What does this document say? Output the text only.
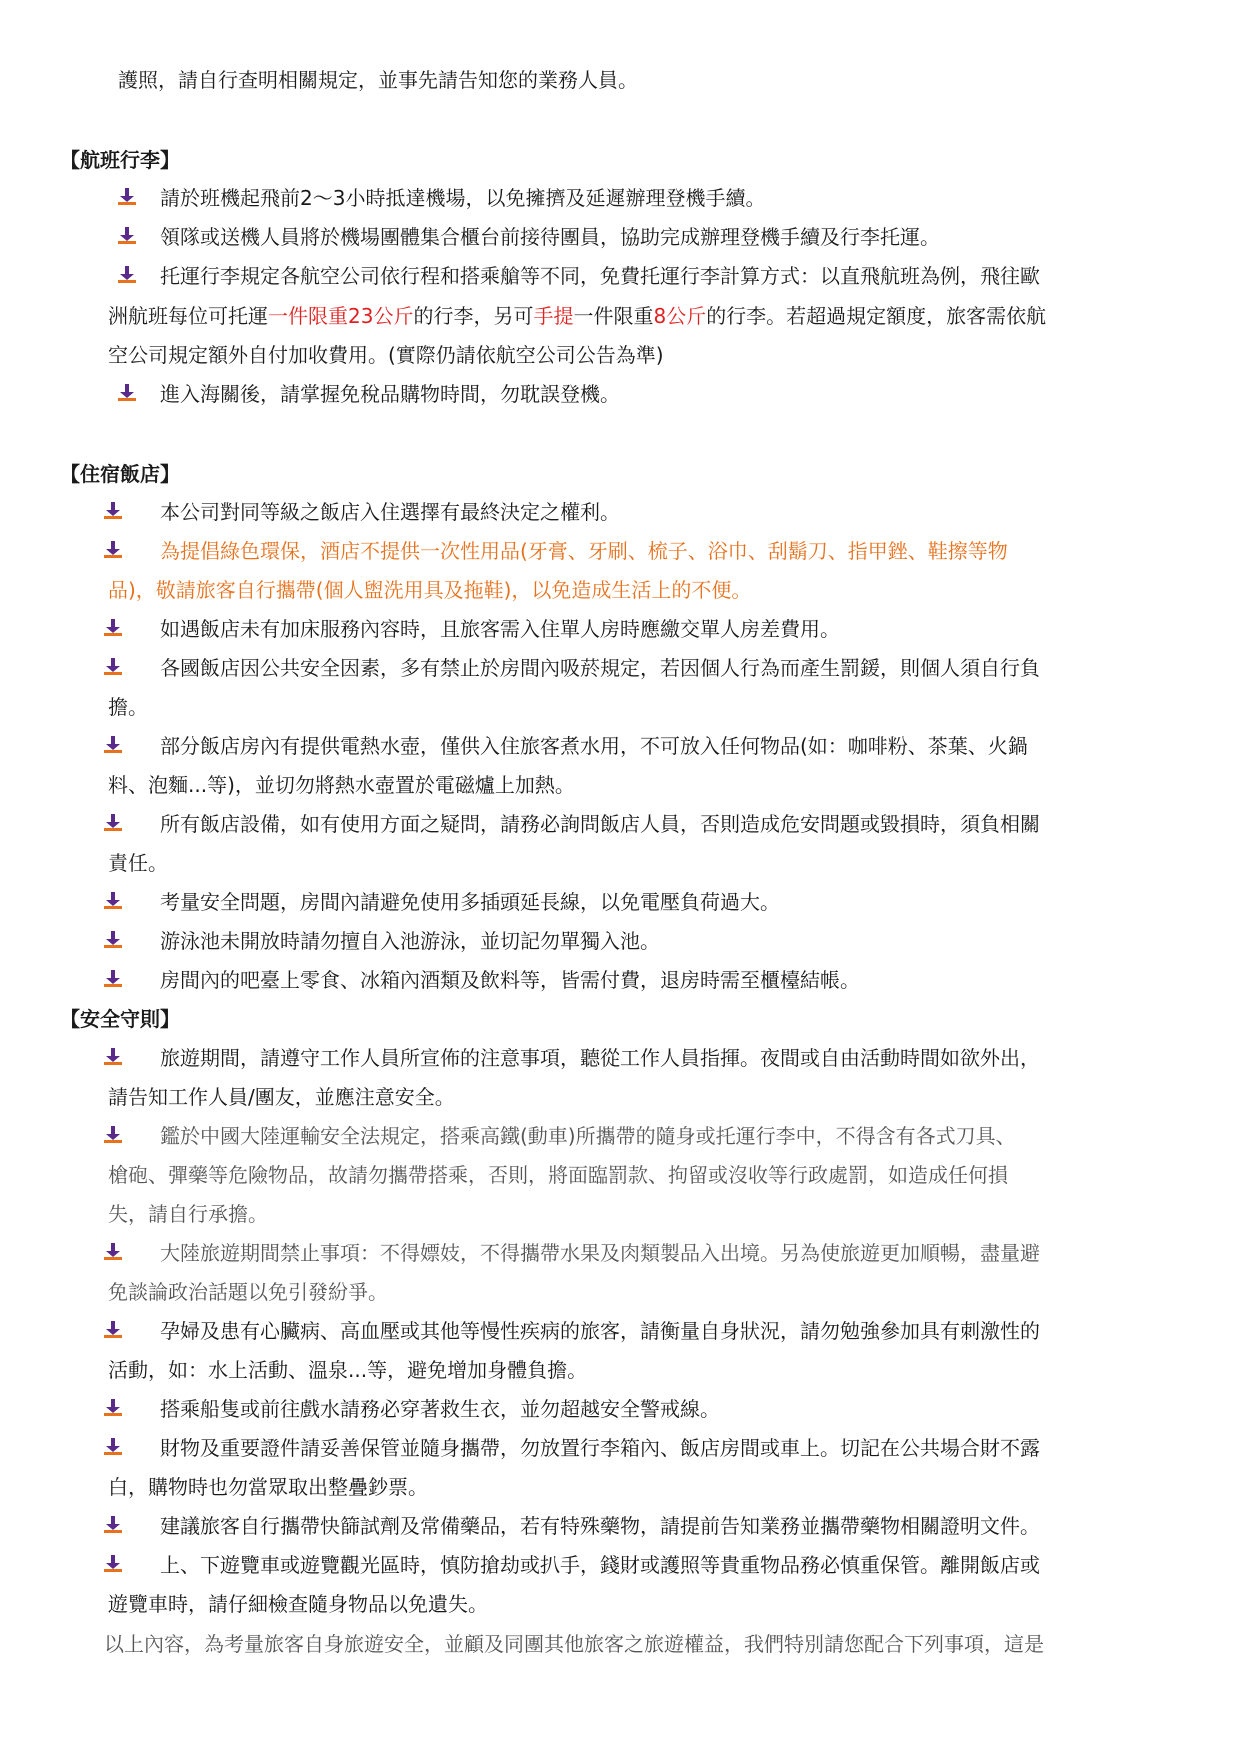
護照，請自行查明相關規定，並事先請告知您的業務人員。
【航班行李】
請於班機起飛前2～3小時抵達機場，以免擁擠及延遲辦理登機手續。
領隊或送機人員將於機場團體集合櫃台前接待團員，協助完成辦理登機手續及行李托運。
托運行李規定各航空公司依行程和搭乘艙等不同，免費托運行李計算方式：以直飛航班為例，飛往歐
洲航班每位可托運一件限重23公斤的行李，另可手提一件限重8公斤的行李。若超過規定額度，旅客需依航
空公司規定額外自付加收費用。(實際仍請依航空公司公告為準)
進入海關後，請掌握免稅品購物時間，勿耽誤登機。
【住宿飯店】
本公司對同等級之飯店入住選擇有最終決定之權利。
為提倡綠色環保，酒店不提供一次性用品(牙膏、牙刷、梳子、浴巾、刮鬍刀、指甲銼、鞋擦等物
品)，敬請旅客自行攜帶(個人盥洗用具及拖鞋)，以免造成生活上的不便。
如遇飯店未有加床服務內容時，且旅客需入住單人房時應繳交單人房差費用。
各國飯店因公共安全因素，多有禁止於房間內吸菸規定，若因個人行為而產生罰鍰，則個人須自行負
擔。
部分飯店房內有提供電熱水壺，僅供入住旅客煮水用，不可放入任何物品(如：咖啡粉、茶葉、火鍋
料、泡麵...等)，並切勿將熱水壺置於電磁爐上加熱。
所有飯店設備，如有使用方面之疑問，請務必詢問飯店人員，否則造成危安問題或毀損時，須負相關
責任。
考量安全問題，房間內請避免使用多插頭延長線，以免電壓負荷過大。
游泳池未開放時請勿擅自入池游泳，並切記勿單獨入池。
房間內的吧臺上零食、冰箱內酒類及飲料等，皆需付費，退房時需至櫃檯結帳。
【安全守則】
旅遊期間，請遵守工作人員所宣佈的注意事項，聽從工作人員指揮。夜間或自由活動時間如欲外出，
請告知工作人員/團友，並應注意安全。
鑑於中國大陸運輸安全法規定，搭乘高鐵(動車)所攜帶的隨身或托運行李中，不得含有各式刀具、
槍砲、彈藥等危險物品，故請勿攜帶搭乘，否則，將面臨罰款、拘留或沒收等行政處罰，如造成任何損
失，請自行承擔。
大陸旅遊期間禁止事項：不得嫖妓，不得攜帶水果及肉類製品入出境。另為使旅遊更加順暢，盡量避
免談論政治話題以免引發紛爭。
孕婦及患有心臟病、高血壓或其他等慢性疾病的旅客，請衡量自身狀況，請勿勉強參加具有刺激性的
活動，如：水上活動、溫泉...等，避免增加身體負擔。
搭乘船隻或前往戲水請務必穿著救生衣，並勿超越安全警戒線。
財物及重要證件請妥善保管並隨身攜帶，勿放置行李箱內、飯店房間或車上。切記在公共場合財不露
白，購物時也勿當眾取出整疊鈔票。
建議旅客自行攜帶快篩試劑及常備藥品，若有特殊藥物，請提前告知業務並攜帶藥物相關證明文件。
上、下遊覽車或遊覽觀光區時，慎防搶劫或扒手，錢財或護照等貴重物品務必慎重保管。離開飯店或
遊覽車時，請仔細檢查隨身物品以免遺失。
以上內容，為考量旅客自身旅遊安全，並顧及同團其他旅客之旅遊權益，我們特別請您配合下列事項，這是
